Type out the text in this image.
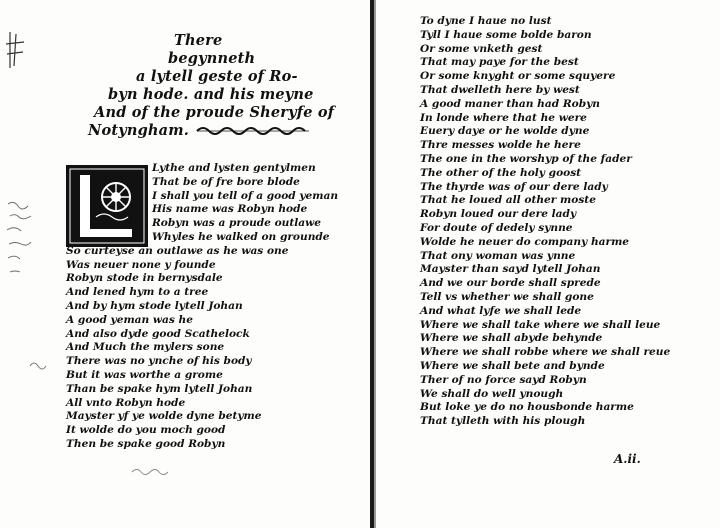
There
begynneth
a lytell geste of Ro-
byn hode. and his meyne
And of the proude Sheryfe of
Notyngham.
Lythe and lysten gentylmen
That be of fre bore blode
I shall you tell of a good yeman
His name was Robyn hode
Robyn was a proude outlawe
Whyles he walked on grounde
So curteyse an outlawe as he was one
Was neuer none y founde
Robyn stode in bernysdale
And lened hym to a tree
And by hym stode lytell Johan
A good yeman was he
And also dyde good Scathelock
And Much the mylers sone
There was no ynche of his body
But it was worthe a grome
Than be spake hym lytell Johan
All vnto Robyn hode
Mayster yf ye wolde dyne betyme
It wolde do you moch good
Then be spake good Robyn
To dyne I haue no lust
Tyll I haue some bolde baron
Or some vnketh gest
That may paye for the best
Or some knyght or some squyere
That dwelleth here by west
A good maner than had Robyn
In londe where that he were
Euery daye or he wolde dyne
Thre messes wolde he here
The one in the worshyp of the fader
The other of the holy goost
The thyrde was of our dere lady
That he loued all other moste
Robyn loued our dere lady
For doute of dedely synne
Wolde he neuer do company harme
That ony woman was ynne
Mayster than sayd lytell Johan
And we our borde shall sprede
Tell vs whether we shall gone
And what lyfe we shall lede
Where we shall take where we shall leue
Where we shall abyde behynde
Where we shall robbe where we shall reue
Where we shall bete and bynde
Ther of no force sayd Robyn
We shall do well ynough
But loke ye do no housbonde harme
That tylleth with his plough
A.ii.
